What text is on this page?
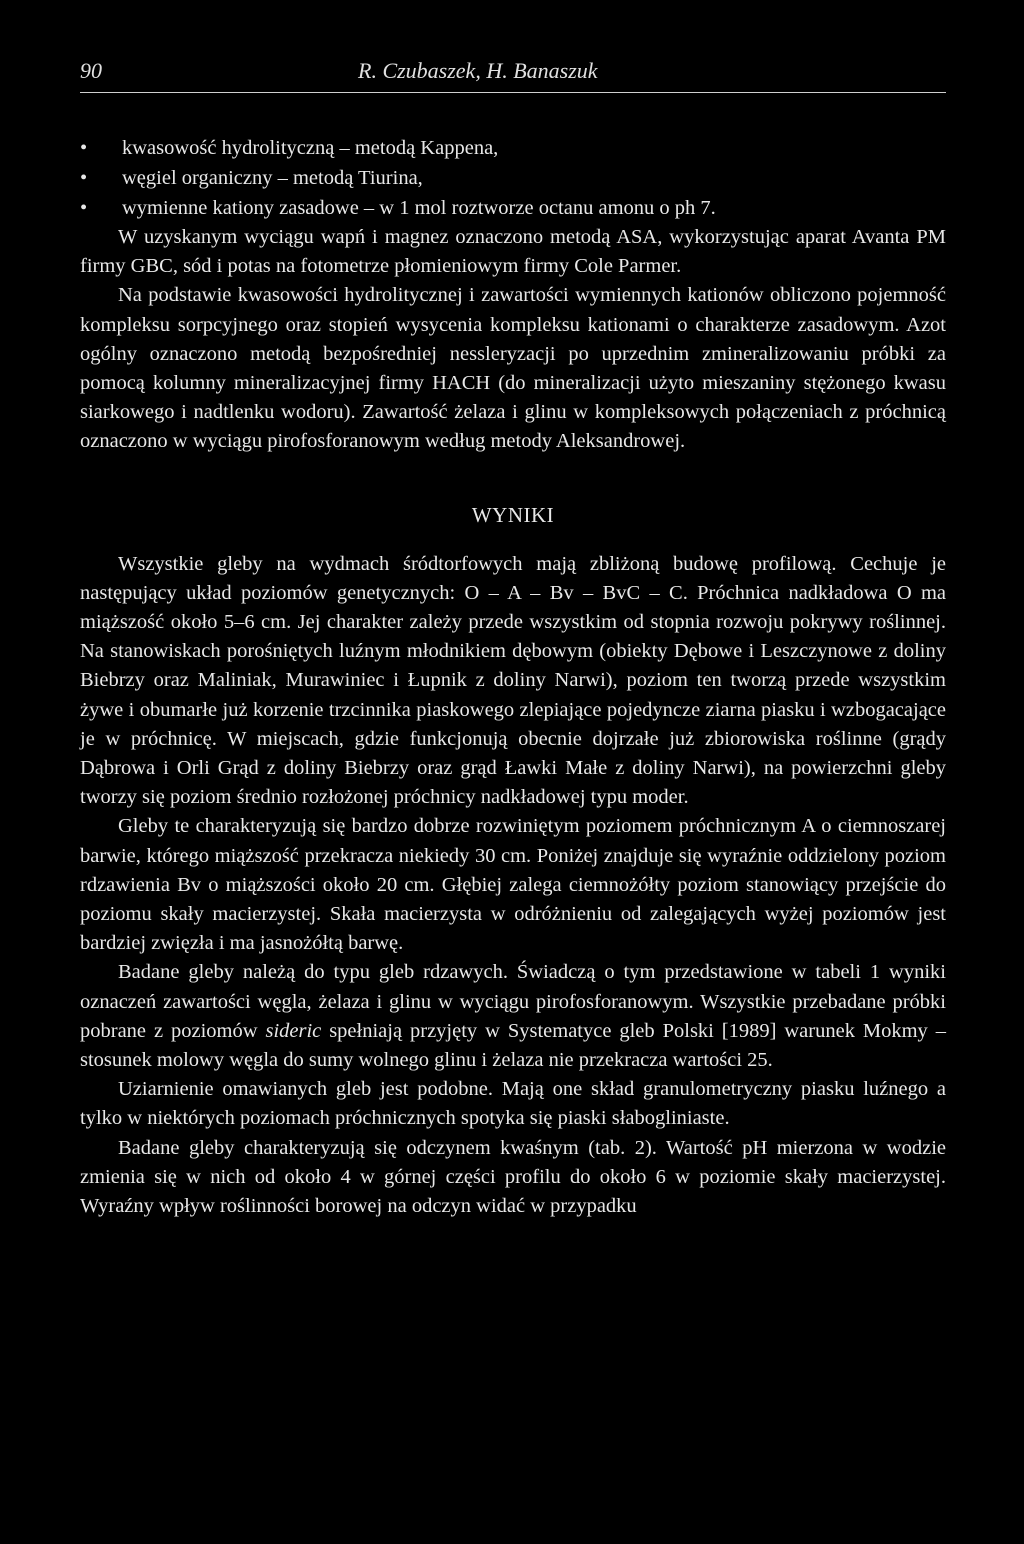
90	R. Czubaszek, H. Banaszuk
• kwasowość hydrolityczną – metodą Kappena,
• węgiel organiczny – metodą Tiurina,
• wymienne kationy zasadowe – w 1 mol roztworze octanu amonu o ph 7.

W uzyskanym wyciągu wapń i magnez oznaczono metodą ASA, wykorzystując aparat Avanta PM firmy GBC, sód i potas na fotometrze płomieniowym firmy Cole Parmer.

Na podstawie kwasowości hydrolitycznej i zawartości wymiennych kationów obliczono pojemność kompleksu sorpcyjnego oraz stopień wysycenia kompleksu kationami o charakterze zasadowym. Azot ogólny oznaczono metodą bezpośredniej nessleryzacji po uprzednim zmineralizowaniu próbki za pomocą kolumny mineralizacyjnej firmy HACH (do mineralizacji użyto mieszaniny stężonego kwasu siarkowego i nadtlenku wodoru). Zawartość żelaza i glinu w kompleksowych połączeniach z próchnicą oznaczono w wyciągu pirofosforanowym według metody Aleksandrowej.

WYNIKI

Wszystkie gleby na wydmach śródtorfowych mają zbliżoną budowę profilową. Cechuje je następujący układ poziomów genetycznych: O – A – Bv – BvC – C. Próchnica nadkładowa O ma miąższość około 5–6 cm. Jej charakter zależy przede wszystkim od stopnia rozwoju pokrywy roślinnej. Na stanowiskach porośniętych luźnym młodnikiem dębowym (obiekty Dębowe i Leszczynowe z doliny Biebrzy oraz Maliniak, Murawiniec i Łupnik z doliny Narwi), poziom ten tworzą przede wszystkim żywe i obumarłe już korzenie trzcinnika piaskowego zlepiające pojedyncze ziarna piasku i wzbogacające je w próchnicę. W miejscach, gdzie funkcjonują obecnie dojrzałe już zbiorowiska roślinne (grądy Dąbrowa i Orli Grąd z doliny Biebrzy oraz grąd Ławki Małe z doliny Narwi), na powierzchni gleby tworzy się poziom średnio rozłożonej próchnicy nadkładowej typu moder.

Gleby te charakteryzują się bardzo dobrze rozwiniętym poziomem próchnicznym A o ciemnoszarej barwie, którego miąższość przekracza niekiedy 30 cm. Poniżej znajduje się wyraźnie oddzielony poziom rdzawienia Bv o miąższości około 20 cm. Głębiej zalega ciemnożółty poziom stanowiący przejście do poziomu skały macierzystej. Skała macierzysta w odróżnieniu od zalegających wyżej poziomów jest bardziej zwięzła i ma jasnożółtą barwę.

Badane gleby należą do typu gleb rdzawych. Świadczą o tym przedstawione w tabeli 1 wyniki oznaczeń zawartości węgla, żelaza i glinu w wyciągu pirofosforanowym. Wszystkie przebadane próbki pobrane z poziomów sideric spełniają przyjęty w Systematyce gleb Polski [1989] warunek Mokmy – stosunek molowy węgla do sumy wolnego glinu i żelaza nie przekracza wartości 25.

Uziarnienie omawianych gleb jest podobne. Mają one skład granulometryczny piasku luźnego a tylko w niektórych poziomach próchnicznych spotyka się piaski słabogliniaste.

Badane gleby charakteryzują się odczynem kwaśnym (tab. 2). Wartość pH mierzona w wodzie zmienia się w nich od około 4 w górnej części profilu do około 6 w poziomie skały macierzystej. Wyraźny wpływ roślinności borowej na odczyn widać w przypadku
